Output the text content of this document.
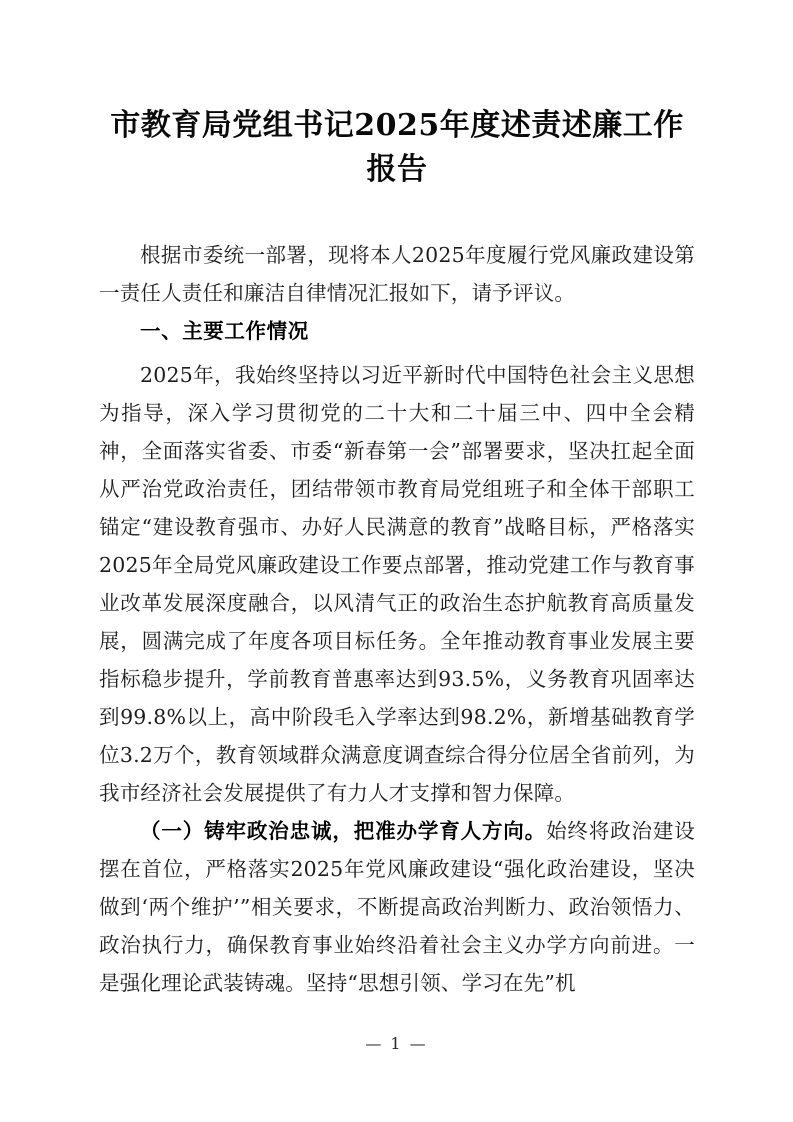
市教育局党组书记2025年度述责述廉工作报告

根据市委统一部署，现将本人2025年度履行党风廉政建设第一责任人责任和廉洁自律情况汇报如下，请予评议。

一、主要工作情况

2025年，我始终坚持以习近平新时代中国特色社会主义思想为指导，深入学习贯彻党的二十大和二十届三中、四中全会精神，全面落实省委、市委“新春第一会”部署要求，坚决扛起全面从严治党政治责任，团结带领市教育局党组班子和全体干部职工锚定“建设教育强市、办好人民满意的教育”战略目标，严格落实2025年全局党风廉政建设工作要点部署，推动党建工作与教育事业改革发展深度融合，以风清气正的政治生态护航教育高质量发展，圆满完成了年度各项目标任务。全年推动教育事业发展主要指标稳步提升，学前教育普惠率达到93.5%，义务教育巩固率达到99.8%以上，高中阶段毛入学率达到98.2%，新增基础教育学位3.2万个，教育领域群众满意度调查综合得分位居全省前列，为我市经济社会发展提供了有力人才支撑和智力保障。

（一）铸牢政治忠诚，把准办学育人方向。始终将政治建设摆在首位，严格落实2025年党风廉政建设“强化政治建设，坚决做到‘两个维护’”相关要求，不断提高政治判断力、政治领悟力、政治执行力，确保教育事业始终沿着社会主义办学方向前进。一是强化理论武装铸魂。坚持“思想引领、学习在先”机

— 1 —
